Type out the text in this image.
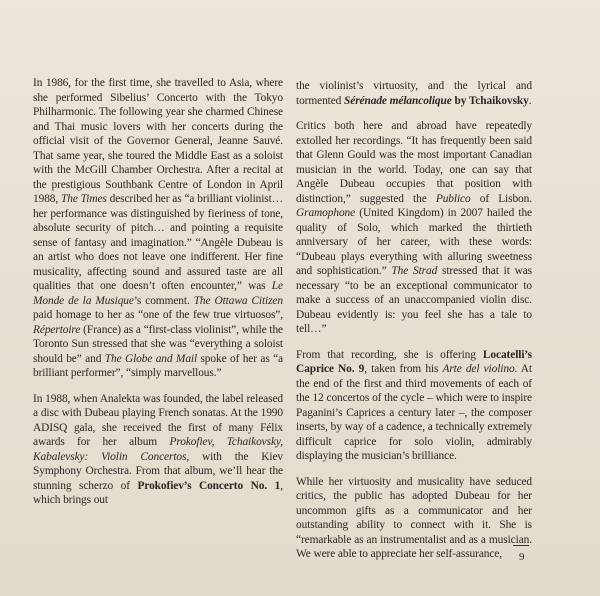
In 1986, for the first time, she travelled to Asia, where she performed Sibelius’ Concerto with the Tokyo Philharmonic. The following year she charmed Chinese and Thai music lovers with her concerts during the official visit of the Governor General, Jeanne Sauvé. That same year, she toured the Middle East as a soloist with the McGill Chamber Orchestra. After a recital at the prestigious Southbank Centre of London in April 1988, The Times described her as “a brilliant violinist… her performance was distinguished by fieriness of tone, absolute security of pitch… and pointing a requisite sense of fantasy and imagination.” “Angèle Dubeau is an artist who does not leave one indifferent. Her fine musicality, affecting sound and assured taste are all qualities that one doesn’t often encounter,” was Le Monde de la Musique’s comment. The Ottawa Citizen paid homage to her as “one of the few true virtuosos”, Répertoire (France) as a “first-class violinist”, while the Toronto Sun stressed that she was “everything a soloist should be” and The Globe and Mail spoke of her as “a brilliant performer”, “simply marvellous.”

In 1988, when Analekta was founded, the label released a disc with Dubeau playing French sonatas. At the 1990 ADISQ gala, she received the first of many Félix awards for her album Prokofiev, Tchaikovsky, Kabalevsky: Violin Concertos, with the Kiev Symphony Orchestra. From that album, we’ll hear the stunning scherzo of Prokofiev’s Concerto No. 1, which brings out

the violinist’s virtuosity, and the lyrical and tormented Sérénade mélancolique by Tchaikovsky.

Critics both here and abroad have repeatedly extolled her recordings. “It has frequently been said that Glenn Gould was the most important Canadian musician in the world. Today, one can say that Angèle Dubeau occupies that position with distinction,” suggested the Publico of Lisbon. Gramophone (United Kingdom) in 2007 hailed the quality of Solo, which marked the thirtieth anniversary of her career, with these words: “Dubeau plays everything with alluring sweetness and sophistication.” The Strad stressed that it was necessary “to be an exceptional communicator to make a success of an unaccompanied violin disc. Dubeau evidently is: you feel she has a tale to tell…”

From that recording, she is offering Locatelli’s Caprice No. 9, taken from his Arte del violino. At the end of the first and third movements of each of the 12 concertos of the cycle – which were to inspire Paganini’s Caprices a century later –, the composer inserts, by way of a cadence, a technically extremely difficult caprice for solo violin, admirably displaying the musician’s brilliance.

While her virtuosity and musicality have seduced critics, the public has adopted Dubeau for her uncommon gifts as a communicator and her outstanding ability to connect with it. She is “remarkable as an instrumentalist and as a musician. We were able to appreciate her self-assurance,	9
